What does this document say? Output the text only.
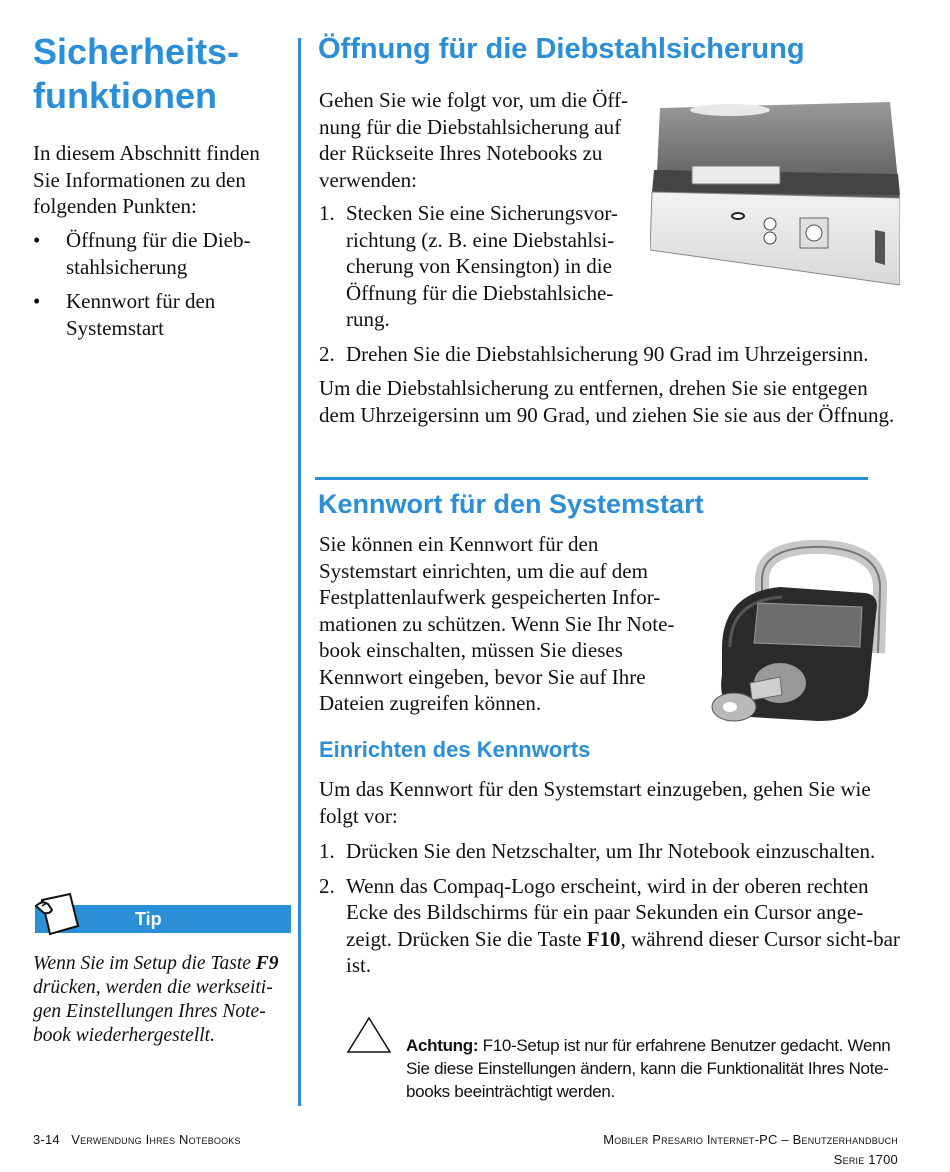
Sicherheits-
funktionen

In diesem Abschnitt finden Sie Informationen zu den folgenden Punkten:

• Öffnung für die Dieb-stahlsicherung
• Kennwort für den Systemstart
Tip

Wenn Sie im Setup die Taste F9 drücken, werden die werkseiti-gen Einstellungen Ihres Note-book wiederhergestellt.

Öffnung für die Diebstahlsicherung

Gehen Sie wie folgt vor, um die Öff-nung für die Diebstahlsicherung auf der Rückseite Ihres Notebooks zu verwenden:

1. Stecken Sie eine Sicherungsvor-richtung (z. B. eine Diebstahlsi-cherung von Kensington) in die Öffnung für die Diebstahlsiche-rung.
2. Drehen Sie die Diebstahlsicherung 90 Grad im Uhrzeigersinn.

Um die Diebstahlsicherung zu entfernen, drehen Sie sie entgegen dem Uhrzeigersinn um 90 Grad, und ziehen Sie sie aus der Öffnung.

Kennwort für den Systemstart

Sie können ein Kennwort für den Systemstart einrichten, um die auf dem Festplattenlaufwerk gespeicherten Infor-mationen zu schützen. Wenn Sie Ihr Note-book einschalten, müssen Sie dieses Kennwort eingeben, bevor Sie auf Ihre Dateien zugreifen können.

Einrichten des Kennworts

Um das Kennwort für den Systemstart einzugeben, gehen Sie wie folgt vor:

1. Drücken Sie den Netzschalter, um Ihr Notebook einzuschalten.
2. Wenn das Compaq-Logo erscheint, wird in der oberen rechten Ecke des Bildschirms für ein paar Sekunden ein Cursor ange-zeigt. Drücken Sie die Taste F10, während dieser Cursor sicht-bar ist.

Achtung: F10-Setup ist nur für erfahrene Benutzer gedacht. Wenn Sie diese Einstellungen ändern, kann die Funktionalität Ihres Note-books beeinträchtigt werden.

3-14 Verwendung Ihres Notebooks	Mobiler Presario Internet-PC – Benutzerhandbuch
Serie 1700
